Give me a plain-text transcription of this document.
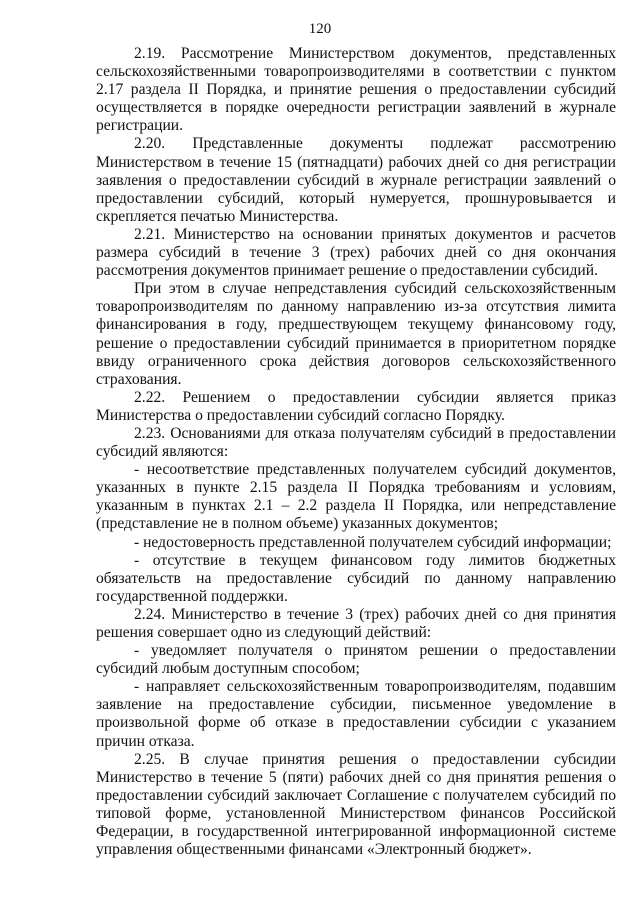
120

2.19. Рассмотрение Министерством документов, представленных сельскохозяйственными товаропроизводителями в соответствии с пунктом 2.17 раздела II Порядка, и принятие решения о предоставлении субсидий осуществляется в порядке очередности регистрации заявлений в журнале регистрации.

2.20. Представленные документы подлежат рассмотрению Министерством в течение 15 (пятнадцати) рабочих дней со дня регистрации заявления о предоставлении субсидий в журнале регистрации заявлений о предоставлении субсидий, который нумеруется, прошнуровывается и скрепляется печатью Министерства.

2.21. Министерство на основании принятых документов и расчетов размера субсидий в течение 3 (трех) рабочих дней со дня окончания рассмотрения документов принимает решение о предоставлении субсидий.

При этом в случае непредставления субсидий сельскохозяйственным товаропроизводителям по данному направлению из-за отсутствия лимита финансирования в году, предшествующем текущему финансовому году, решение о предоставлении субсидий принимается в приоритетном порядке ввиду ограниченного срока действия договоров сельскохозяйственного страхования.

2.22. Решением о предоставлении субсидии является приказ Министерства о предоставлении субсидий согласно Порядку.

2.23. Основаниями для отказа получателям субсидий в предоставлении субсидий являются:

- несоответствие представленных получателем субсидий документов, указанных в пункте 2.15 раздела II Порядка требованиям и условиям, указанным в пунктах 2.1 – 2.2 раздела II Порядка, или непредставление (представление не в полном объеме) указанных документов;

- недостоверность представленной получателем субсидий информации;

- отсутствие в текущем финансовом году лимитов бюджетных обязательств на предоставление субсидий по данному направлению государственной поддержки.

2.24. Министерство в течение 3 (трех) рабочих дней со дня принятия решения совершает одно из следующий действий:

- уведомляет получателя о принятом решении о предоставлении субсидий любым доступным способом;

- направляет сельскохозяйственным товаропроизводителям, подавшим заявление на предоставление субсидии, письменное уведомление в произвольной форме об отказе в предоставлении субсидии с указанием причин отказа.

2.25. В случае принятия решения о предоставлении субсидии Министерство в течение 5 (пяти) рабочих дней со дня принятия решения о предоставлении субсидий заключает Соглашение с получателем субсидий по типовой форме, установленной Министерством финансов Российской Федерации, в государственной интегрированной информационной системе управления общественными финансами «Электронный бюджет».
